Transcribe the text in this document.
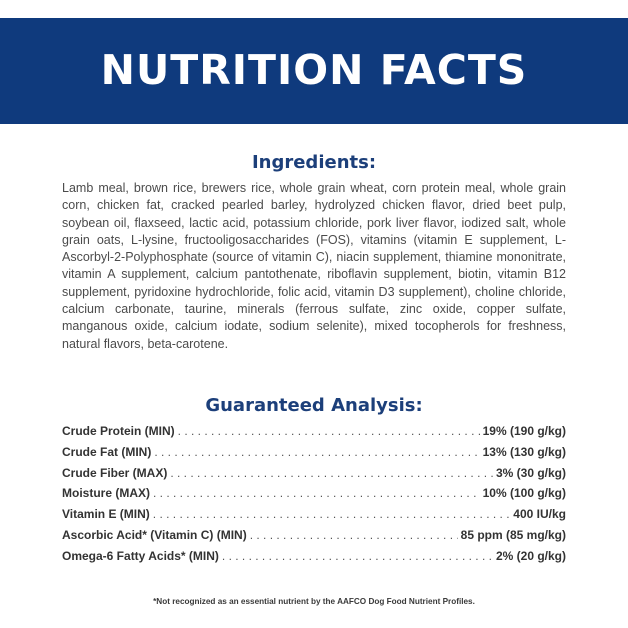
NUTRITION FACTS
Ingredients:

Lamb meal, brown rice, brewers rice, whole grain wheat, corn protein meal, whole grain corn, chicken fat, cracked pearled barley, hydrolyzed chicken flavor, dried beet pulp, soybean oil, flaxseed, lactic acid, potassium chloride, pork liver flavor, iodized salt, whole grain oats, L-lysine, fructooligosaccharides (FOS), vitamins (vitamin E supplement, L-Ascorbyl-2-Polyphosphate (source of vitamin C), niacin supplement, thiamine mononitrate, vitamin A supplement, calcium pantothenate, riboflavin supplement, biotin, vitamin B12 supplement, pyridoxine hydrochloride, folic acid, vitamin D3 supplement), choline chloride, calcium carbonate, taurine, minerals (ferrous sulfate, zinc oxide, copper sulfate, manganous oxide, calcium iodate, sodium selenite), mixed tocopherols for freshness, natural flavors, beta-carotene.

Guaranteed Analysis:
Crude Protein (MIN) . . .	19% (190 g/kg)
Crude Fat (MIN) . . .	13% (130 g/kg)
Crude Fiber (MAX) . . .	3% (30 g/kg)
Moisture (MAX) . . .	10% (100 g/kg)
Vitamin E (MIN) . . .	400 IU/kg
Ascorbic Acid* (Vitamin C) (MIN) . . .	85 ppm (85 mg/kg)
Omega-6 Fatty Acids* (MIN) . . .	2% (20 g/kg)
*Not recognized as an essential nutrient by the AAFCO Dog Food Nutrient Profiles.
